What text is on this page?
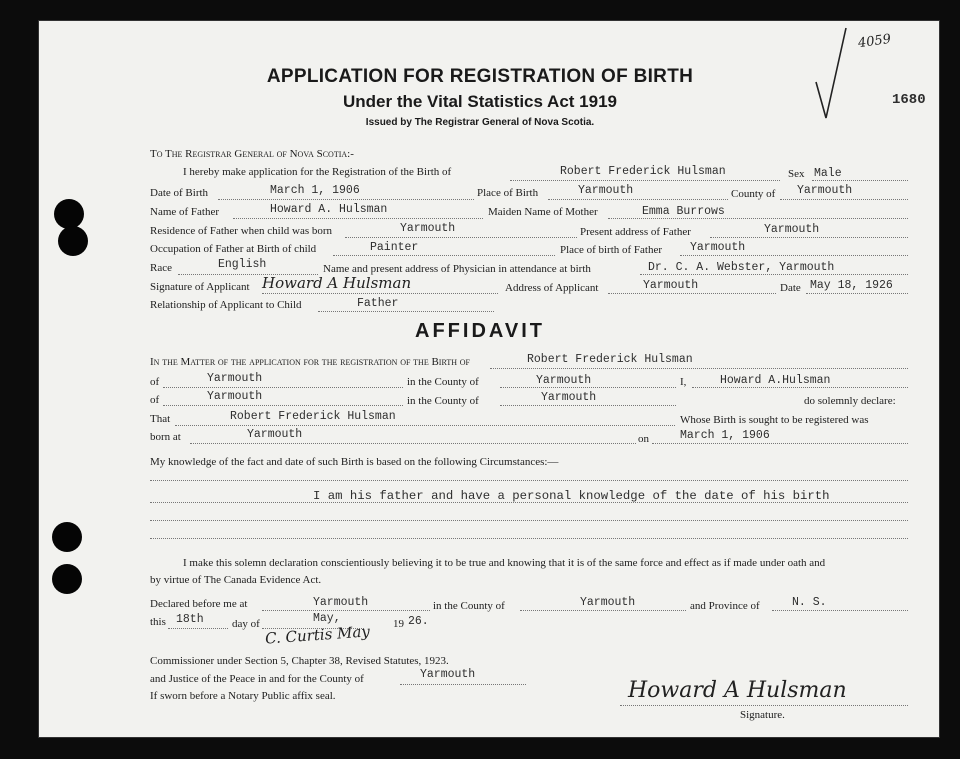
4059
1680
APPLICATION FOR REGISTRATION OF BIRTH
Under the Vital Statistics Act 1919
Issued by The Registrar General of Nova Scotia.
To The Registrar General of Nova Scotia:-
I hereby make application for the Registration of the Birth of	Robert Frederick Hulsman	Sex Male
Date of Birth	March 1, 1906	Place of Birth	Yarmouth	County of Yarmouth
Name of Father	Howard A. Hulsman	Maiden Name of Mother	Emma Burrows
Residence of Father when child was born	Yarmouth	Present address of Father	Yarmouth
Occupation of Father at Birth of child	Painter	Place of birth of Father Yarmouth
Race	English	Name and present address of Physician in attendance at birth	Dr. C. A. Webster, Yarmouth
Signature of Applicant Howard A Hulsman	Address of Applicant	Yarmouth	Date May 18, 1926
Relationship of Applicant to Child	Father
AFFIDAVIT
In the Matter of the application for the registration of the Birth of	Robert Frederick Hulsman
of	Yarmouth	in the County of	Yarmouth	I,	Howard A.Hulsman
of	Yarmouth	in the County of	Yarmouth	do solemnly declare:
That	Robert Frederick Hulsman	Whose Birth is sought to be registered was
born at	Yarmouth	on	March 1, 1906
My knowledge of the fact and date of such Birth is based on the following Circumstances:—
I am his father and have a personal knowledge of the date of his birth
I make this solemn declaration conscientiously believing it to be true and knowing that it is of the same force and effect as if made under oath and
by virtue of The Canada Evidence Act.
Declared before me at	Yarmouth	in the County of	Yarmouth	and Province of	N. S.
this 18th	day of	May,	19 26.
C. Curtis May
Commissioner under Section 5, Chapter 38, Revised Statutes, 1923.
and Justice of the Peace in and for the County of	Yarmouth
If sworn before a Notary Public affix seal.	Howard A Hulsman
Signature.
